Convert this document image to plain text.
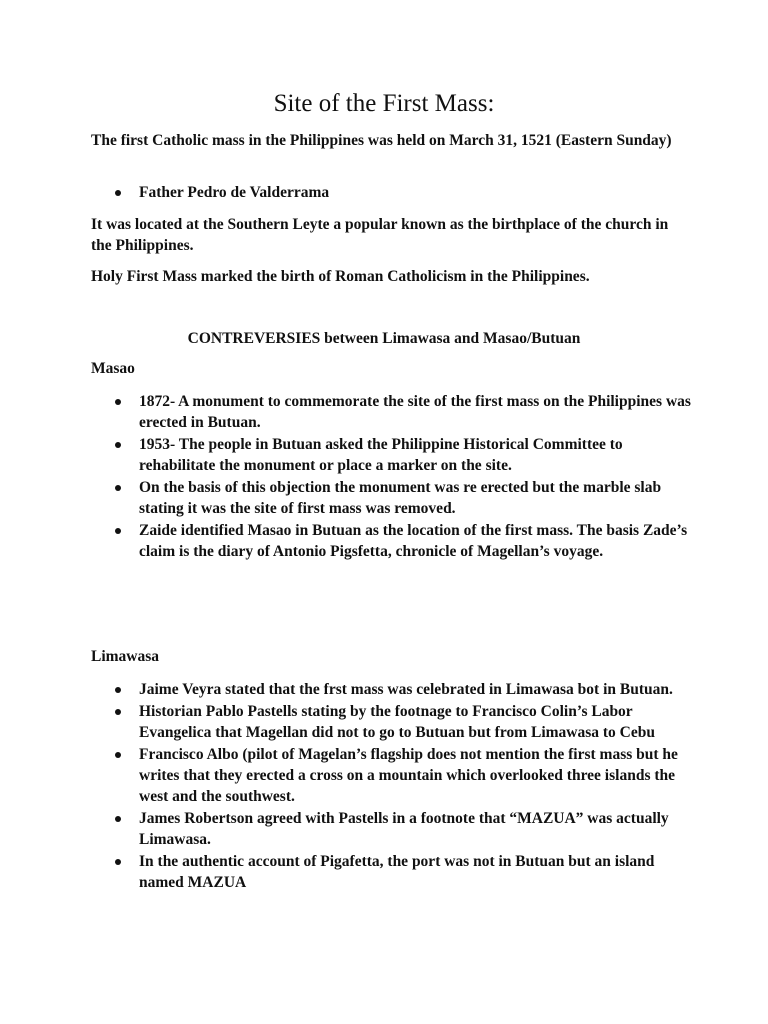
Site of the First Mass:

The first Catholic mass in the Philippines was held on March 31, 1521 (Eastern Sunday)

Father Pedro de Valderrama

It was located at the Southern Leyte a popular known as the birthplace of the church in the Philippines.

Holy First Mass marked the birth of Roman Catholicism in the Philippines.

CONTREVERSIES between Limawasa and Masao/Butuan

Masao

1872- A monument to commemorate the site of the first mass on the Philippines was erected in Butuan.
1953- The people in Butuan asked the Philippine Historical Committee to rehabilitate the monument or place a marker on the site.
On the basis of this objection the monument was re erected but the marble slab stating it was the site of first mass was removed.
Zaide identified Masao in Butuan as the location of the first mass. The basis Zade’s claim is the diary of Antonio Pigsfetta, chronicle of Magellan’s voyage.

Limawasa

Jaime Veyra stated that the frst mass was celebrated in Limawasa bot in Butuan.
Historian Pablo Pastells stating by the footnage to Francisco Colin’s Labor Evangelica that Magellan did not to go to Butuan but from Limawasa to Cebu
Francisco Albo (pilot of Magelan’s flagship does not mention the first mass but he writes that they erected a cross on a mountain which overlooked three islands the west and the southwest.
James Robertson agreed with Pastells in a footnote that “MAZUA” was actually Limawasa.
In the authentic account of Pigafetta, the port was not in Butuan but an island named MAZUA
